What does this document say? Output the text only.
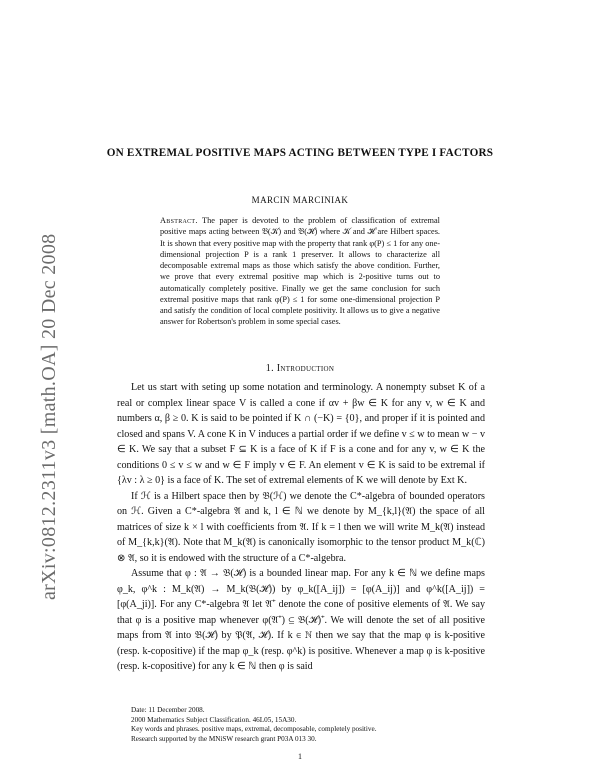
arXiv:0812.2311v3 [math.OA] 20 Dec 2008
ON EXTREMAL POSITIVE MAPS ACTING BETWEEN TYPE I FACTORS
MARCIN MARCINIAK
Abstract. The paper is devoted to the problem of classification of extremal positive maps acting between 𝔅(𝒦) and 𝔅(ℋ) where 𝒦 and ℋ are Hilbert spaces. It is shown that every positive map with the property that rank φ(P) ≤ 1 for any one-dimensional projection P is a rank 1 preserver. It allows to characterize all decomposable extremal maps as those which satisfy the above condition. Further, we prove that every extremal positive map which is 2-positive turns out to automatically completely positive. Finally we get the same conclusion for such extremal positive maps that rank φ(P) ≤ 1 for some one-dimensional projection P and satisfy the condition of local complete positivity. It allows us to give a negative answer for Robertson's problem in some special cases.
1. Introduction

Let us start with seting up some notation and terminology. A nonempty subset K of a real or complex linear space V is called a cone if αv + βw ∈ K for any v, w ∈ K and numbers α, β ≥ 0. K is said to be pointed if K ∩ (−K) = {0}, and proper if it is pointed and closed and spans V. A cone K in V induces a partial order if we define v ≤ w to mean w − v ∈ K. We say that a subset F ⊆ K is a face of K if F is a cone and for any v, w ∈ K the conditions 0 ≤ v ≤ w and w ∈ F imply v ∈ F. An element v ∈ K is said to be extremal if {λv : λ ≥ 0} is a face of K. The set of extremal elements of K we will denote by Ext K.

If ℋ is a Hilbert space then by 𝔅(ℋ) we denote the C*-algebra of bounded operators on ℋ. Given a C*-algebra 𝔄 and k, l ∈ ℕ we denote by M_{k,l}(𝔄) the space of all matrices of size k × l with coefficients from 𝔄. If k = l then we will write M_k(𝔄) instead of M_{k,k}(𝔄). Note that M_k(𝔄) is canonically isomorphic to the tensor product M_k(ℂ) ⊗ 𝔄, so it is endowed with the structure of a C*-algebra.

Assume that φ : 𝔄 → 𝔅(ℋ) is a bounded linear map. For any k ∈ ℕ we define maps φ_k, φ^k : M_k(𝔄) → M_k(𝔅(ℋ)) by φ_k([A_ij]) = [φ(A_ij)] and φ^k([A_ij]) = [φ(A_ji)]. For any C*-algebra 𝔄 let 𝔄⁺ denote the cone of positive elements of 𝔄. We say that φ is a positive map whenever φ(𝔄⁺) ⊆ 𝔅(ℋ)⁺. We will denote the set of all positive maps from 𝔄 into 𝔅(ℋ) by 𝔓(𝔄, ℋ). If k ∈ ℕ then we say that the map φ is k-positive (resp. k-copositive) if the map φ_k (resp. φ^k) is positive. Whenever a map φ is k-positive (resp. k-copositive) for any k ∈ ℕ then φ is said

Date: 11 December 2008.
2000 Mathematics Subject Classification. 46L05, 15A30.
Key words and phrases. positive maps, extremal, decomposable, completely positive.
Research supported by the MNiSW research grant P03A 013 30.
1
